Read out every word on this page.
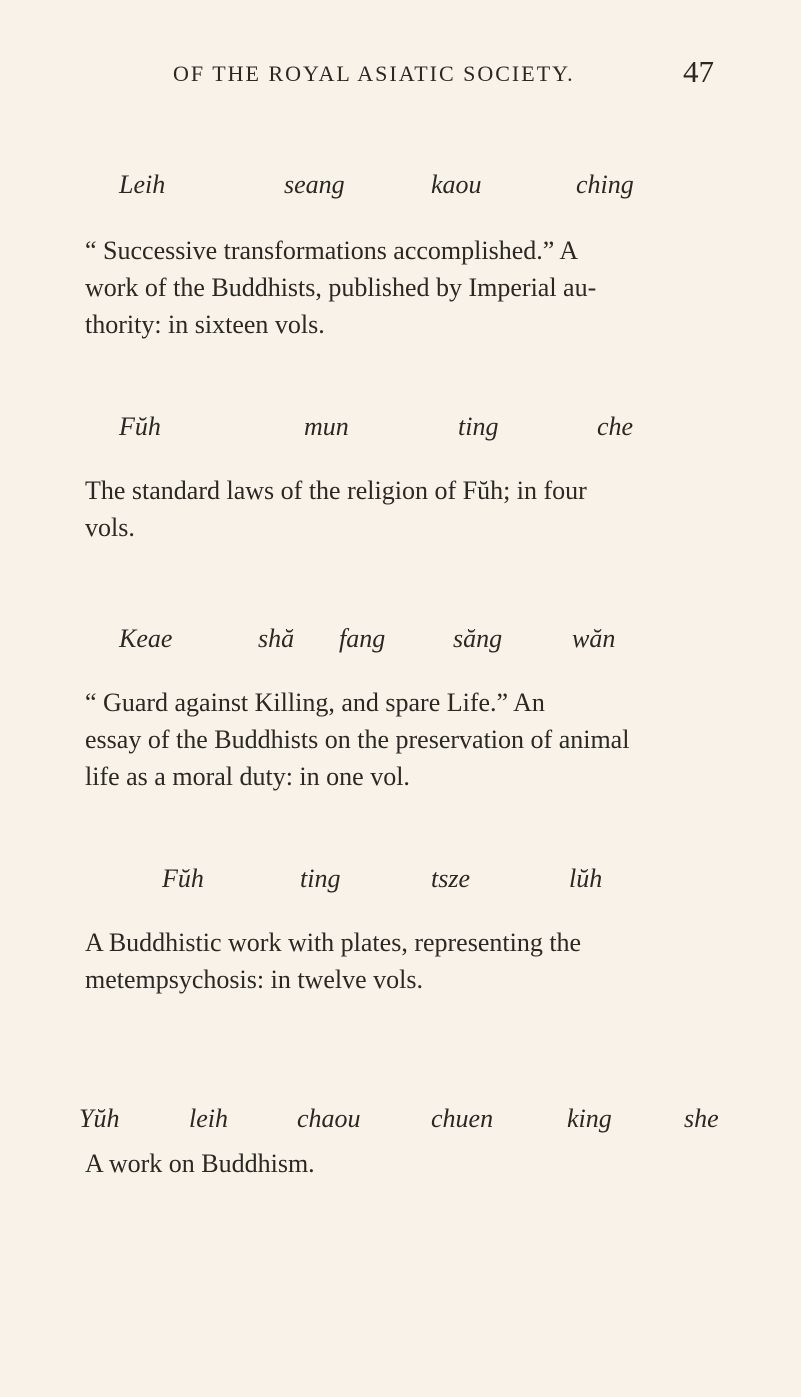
OF THE ROYAL ASIATIC SOCIETY.	47
Leih	seang	kaou	ching
“ Successive transformations accomplished.” A
work of the Buddhists, published by Imperial au-
thority: in sixteen vols.
Fŭh	mun	ting	che
The standard laws of the religion of Fŭh; in four
vols.
Keae	shă fang	săng	wăn
“ Guard against Killing, and spare Life.” An
essay of the Buddhists on the preservation of animal
life as a moral duty: in one vol.
Fŭh	ting	tsze	lŭh
A Buddhistic work with plates, representing the
metempsychosis: in twelve vols.
Yŭh	leih	chaou	chuen	king	she
A work on Buddhism.
